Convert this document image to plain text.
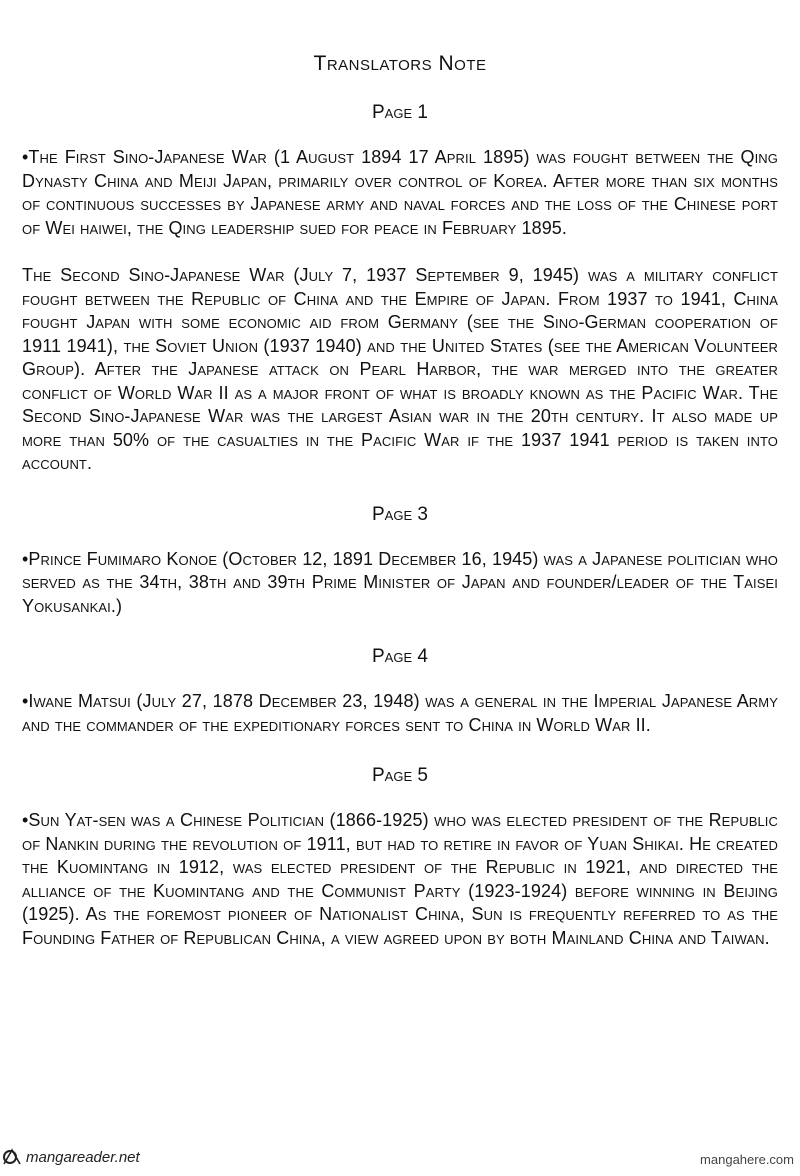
Translators Note
Page 1

•The First Sino-Japanese War (1 August 1894 17 April 1895) was fought between the Qing Dynasty China and Meiji Japan, primarily over control of Korea. After more than six months of continuous successes by Japanese army and naval forces and the loss of the Chinese port of Wei haiwei, the Qing leadership sued for peace in February 1895.

The Second Sino-Japanese War (July 7, 1937 September 9, 1945) was a military conflict fought between the Republic of China and the Empire of Japan. From 1937 to 1941, China fought Japan with some economic aid from Germany (see the Sino-German cooperation of 1911 1941), the Soviet Union (1937 1940) and the United States (see the American Volunteer Group). After the Japanese attack on Pearl Harbor, the war merged into the greater conflict of World War II as a major front of what is broadly known as the Pacific War. The Second Sino-Japanese War was the largest Asian war in the 20th century. It also made up more than 50% of the casualties in the Pacific War if the 1937 1941 period is taken into account.

Page 3

•Prince Fumimaro Konoe (October 12, 1891 December 16, 1945) was a Japanese politician who served as the 34th, 38th and 39th Prime Minister of Japan and founder/leader of the Taisei Yokusankai.)

Page 4

•Iwane Matsui (July 27, 1878 December 23, 1948) was a general in the Imperial Japanese Army and the commander of the expeditionary forces sent to China in World War II.

Page 5

•Sun Yat-sen was a Chinese Politician (1866-1925) who was elected president of the Republic of Nankin during the revolution of 1911, but had to retire in favor of Yuan Shikai. He created the Kuomintang in 1912, was elected president of the Republic in 1921, and directed the alliance of the Kuomintang and the Communist Party (1923-1924) before winning in Beijing (1925). As the foremost pioneer of Nationalist China, Sun is frequently referred to as the Founding Father of Republican China, a view agreed upon by both Mainland China and Taiwan.

mangareader.net	mangahere.com
